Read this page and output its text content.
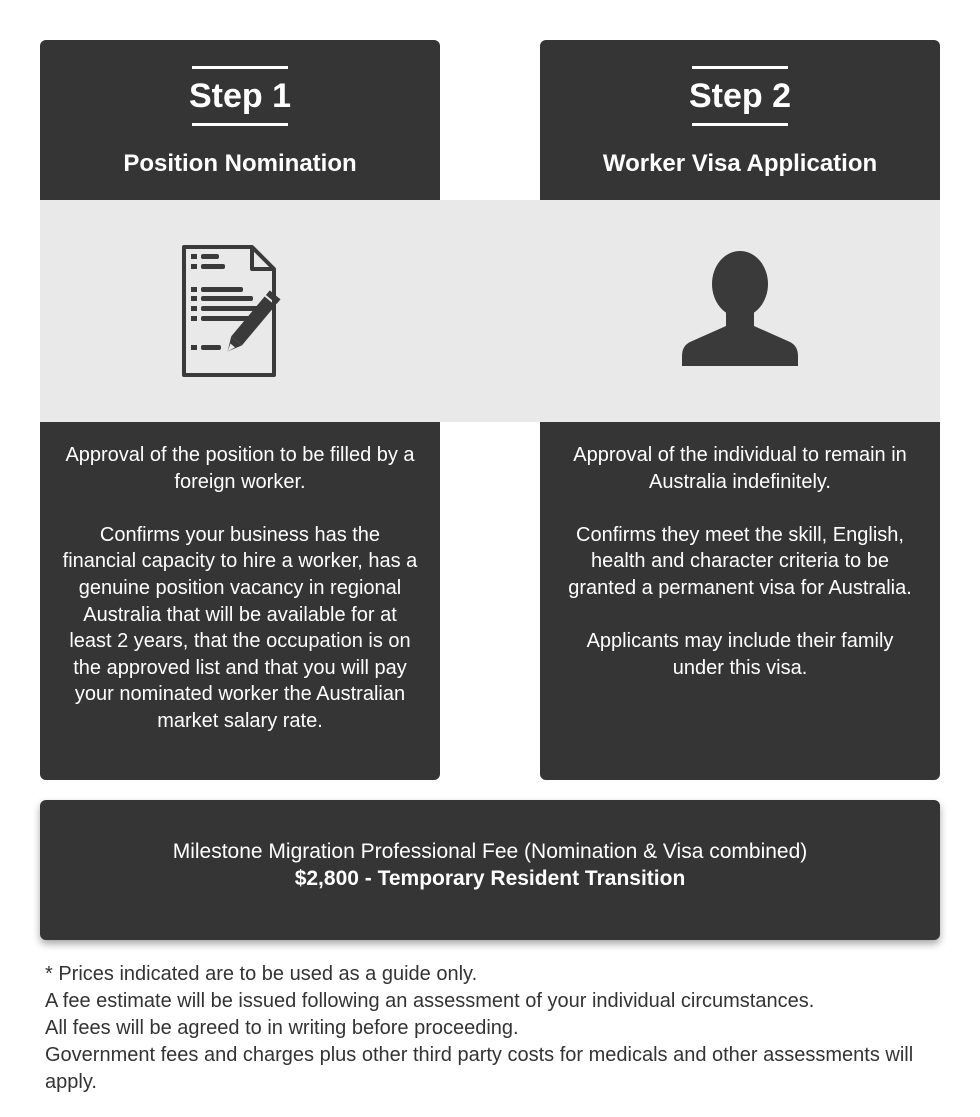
Step 1
Position Nomination

Approval of the position to be filled by a foreign worker.

Confirms your business has the financial capacity to hire a worker, has a genuine position vacancy in regional Australia that will be available for at least 2 years, that the occupation is on the approved list and that you will pay your nominated worker the Australian market salary rate.

Step 2
Worker Visa Application

Approval of the individual to remain in Australia indefinitely.

Confirms they meet the skill, English, health and character criteria to be granted a permanent visa for Australia.

Applicants may include their family under this visa.

Milestone Migration Professional Fee (Nomination & Visa combined)
$2,800 - Temporary Resident Transition

* Prices indicated are to be used as a guide only.

A fee estimate will be issued following an assessment of your individual circumstances.

All fees will be agreed to in writing before proceeding.

Government fees and charges plus other third party costs for medicals and other assessments will apply.
